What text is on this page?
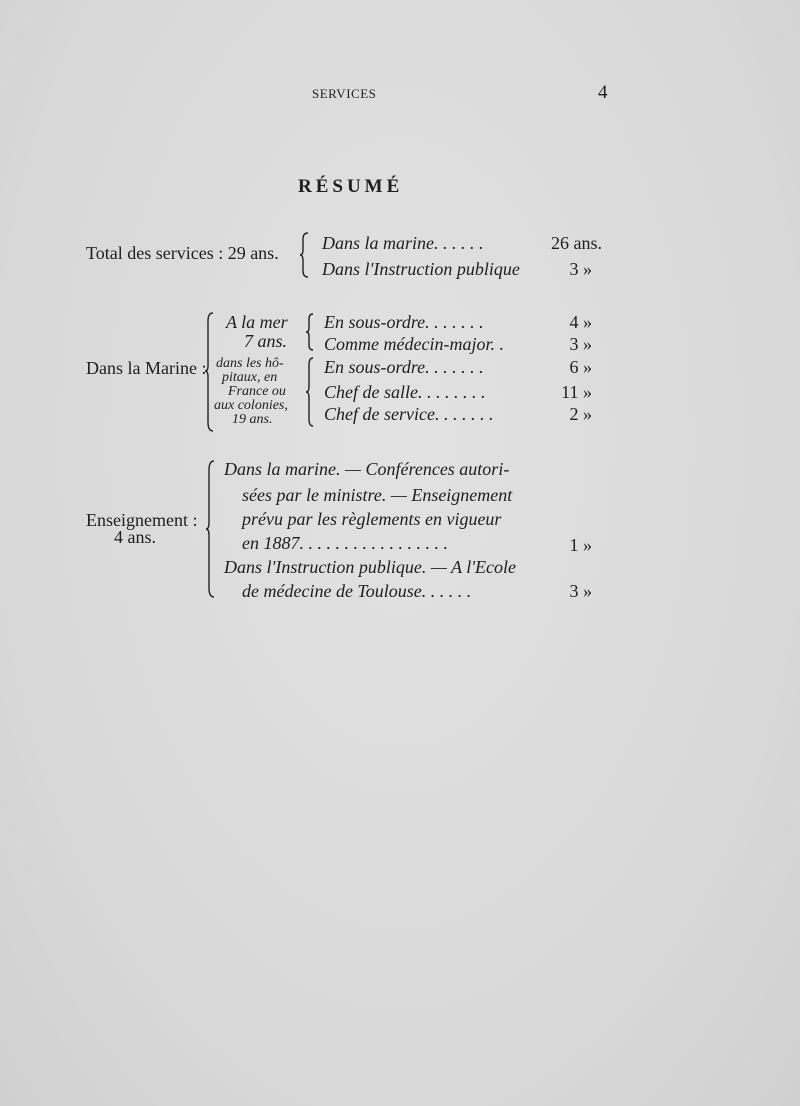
SERVICES	4
RÉSUMÉ
Total des services : 29 ans. Dans la marine. . . . . .	26 ans.
Dans l'Instruction publique	3 »
Dans la Marine :
A la mer
7 ans.
En sous-ordre. . . . . . .	4 »
Comme médecin-major. .	3 »
dans les hô-
pitaux, en
France ou
aux colonies,
19 ans.
En sous-ordre. . . . . . .	6 »
Chef de salle. . . . . . . .	11 »
Chef de service. . . . . . .	2 »
Enseignement :
4 ans.
Dans la marine. — Conférences autori-
sées par le ministre. — Enseignement
prévu par les règlements en vigueur
en 1887. . . . . . . . . . . . . . . . .	1 »
Dans l'Instruction publique. — A l'Ecole
de médecine de Toulouse. . . . . .	3 »
